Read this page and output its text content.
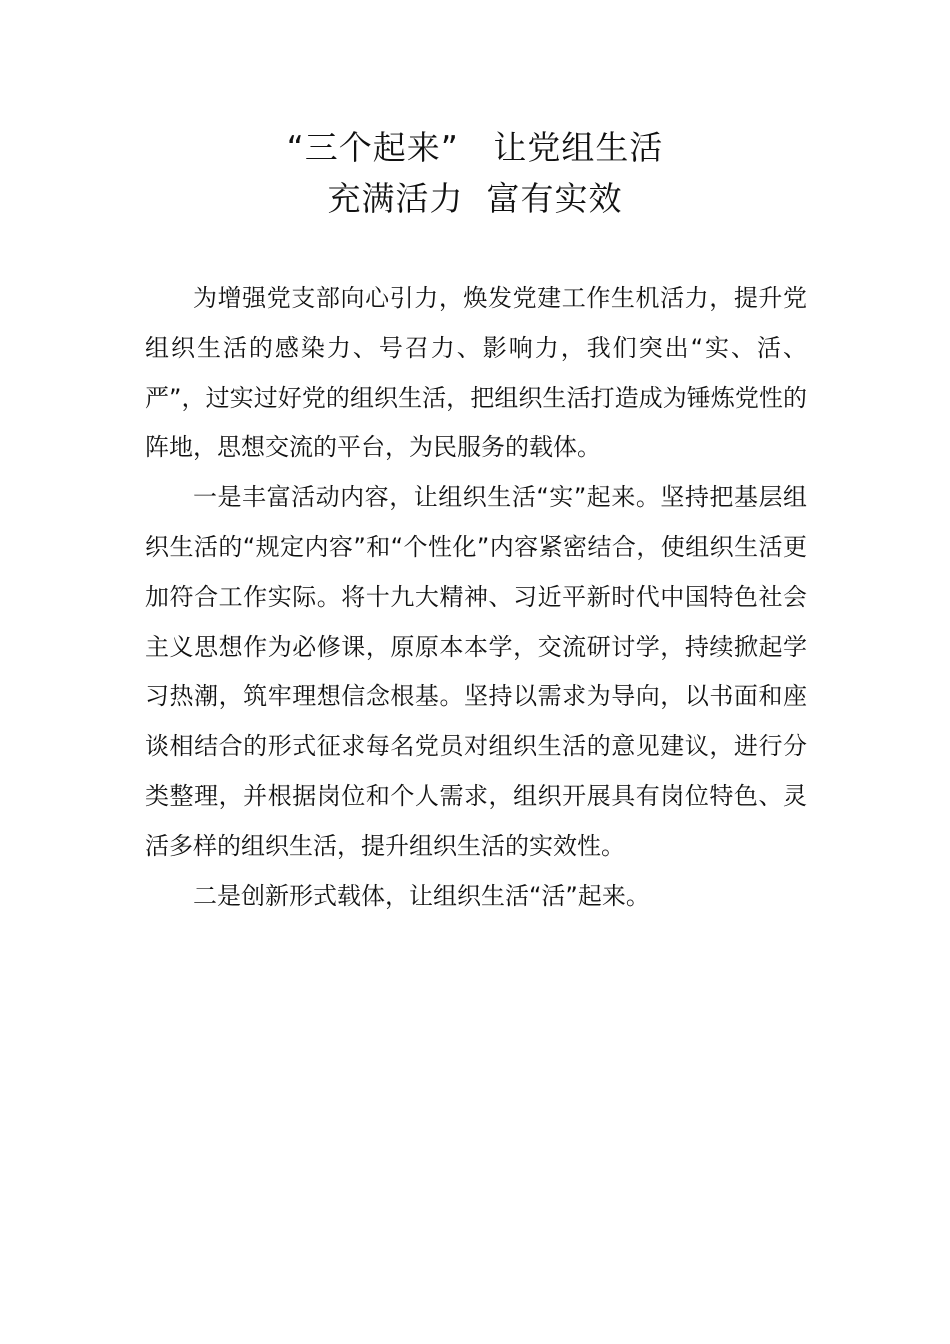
“三个起来”   让党组生活
充满活力  富有实效

为增强党支部向心引力，焕发党建工作生机活力，提升党组织生活的感染力、号召力、影响力，我们突出“实、活、严”，过实过好党的组织生活，把组织生活打造成为锤炼党性的阵地，思想交流的平台，为民服务的载体。

一是丰富活动内容，让组织生活“实”起来。坚持把基层组织生活的“规定内容”和“个性化”内容紧密结合，使组织生活更加符合工作实际。将十九大精神、习近平新时代中国特色社会主义思想作为必修课，原原本本学，交流研讨学，持续掀起学习热潮，筑牢理想信念根基。坚持以需求为导向，以书面和座谈相结合的形式征求每名党员对组织生活的意见建议，进行分类整理，并根据岗位和个人需求，组织开展具有岗位特色、灵活多样的组织生活，提升组织生活的实效性。

二是创新形式载体，让组织生活“活”起来。
